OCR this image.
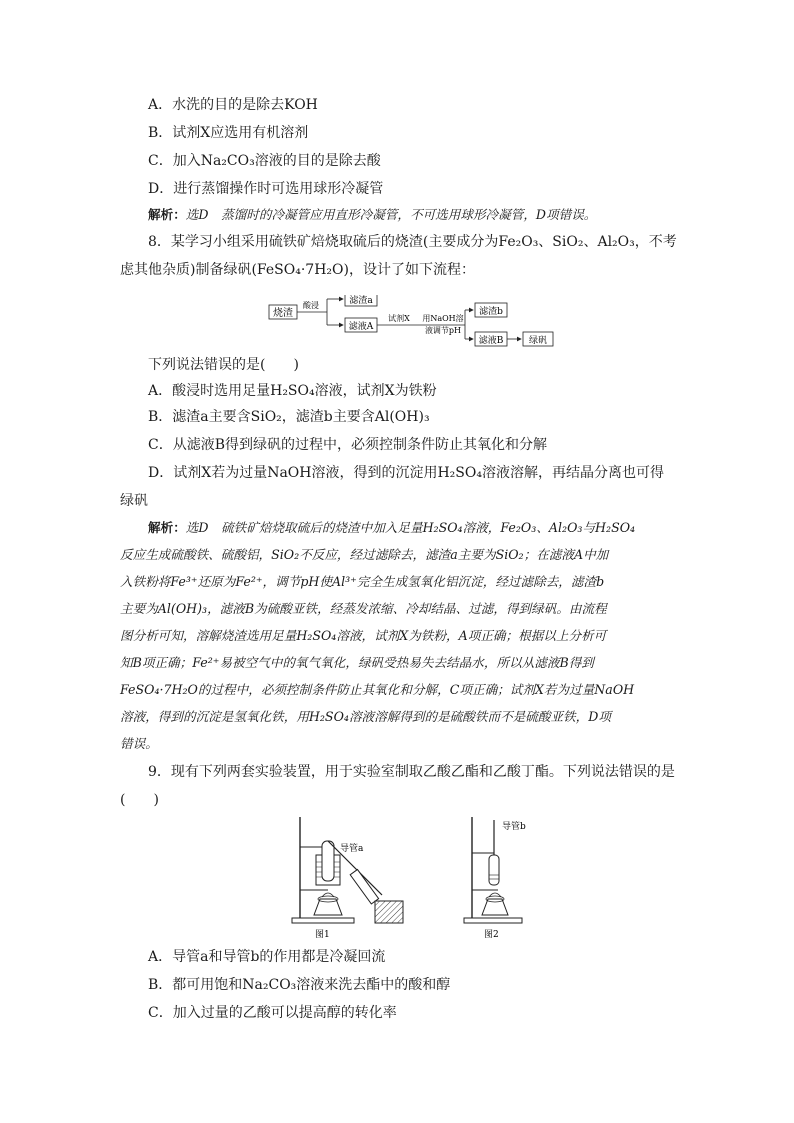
A．水洗的目的是除去KOH
B．试剂X应选用有机溶剂
C．加入Na₂CO₃溶液的目的是除去酸
D．进行蒸馏操作时可选用球形冷凝管
解析：选D　蒸馏时的冷凝管应用直形冷凝管，不可选用球形冷凝管，D项错误。
8．某学习小组采用硫铁矿焙烧取硫后的烧渣(主要成分为Fe₂O₃、SiO₂、Al₂O₃，不考
虑其他杂质)制备绿矾(FeSO₄·7H₂O)，设计了如下流程：
烧渣
酸浸	滤渣a
滤液A
试剂X 用NaOH溶
液调节pH
滤渣b
滤液B	绿矾
下列说法错误的是(　　)
A．酸浸时选用足量H₂SO₄溶液，试剂X为铁粉
B．滤渣a主要含SiO₂，滤渣b主要含Al(OH)₃
C．从滤液B得到绿矾的过程中，必须控制条件防止其氧化和分解
D．试剂X若为过量NaOH溶液，得到的沉淀用H₂SO₄溶液溶解，再结晶分离也可得
绿矾
解析：选D　硫铁矿焙烧取硫后的烧渣中加入足量H₂SO₄溶液，Fe₂O₃、Al₂O₃与H₂SO₄
反应生成硫酸铁、硫酸铝，SiO₂不反应，经过滤除去，滤渣a主要为SiO₂；在滤液A中加
入铁粉将Fe³⁺还原为Fe²⁺，调节pH使Al³⁺完全生成氢氧化铝沉淀，经过滤除去，滤渣b
主要为Al(OH)₃，滤液B为硫酸亚铁，经蒸发浓缩、冷却结晶、过滤，得到绿矾。由流程
图分析可知，溶解烧渣选用足量H₂SO₄溶液，试剂X为铁粉，A项正确；根据以上分析可
知B项正确；Fe²⁺易被空气中的氧气氧化，绿矾受热易失去结晶水，所以从滤液B得到
FeSO₄·7H₂O的过程中，必须控制条件防止其氧化和分解，C项正确；试剂X若为过量NaOH
溶液，得到的沉淀是氢氧化铁，用H₂SO₄溶液溶解得到的是硫酸铁而不是硫酸亚铁，D项
错误。
9．现有下列两套实验装置，用于实验室制取乙酸乙酯和乙酸丁酯。下列说法错误的是
(　　)
导管a
图1
导管b
图2
A．导管a和导管b的作用都是冷凝回流
B．都可用饱和Na₂CO₃溶液来洗去酯中的酸和醇
C．加入过量的乙酸可以提高醇的转化率
